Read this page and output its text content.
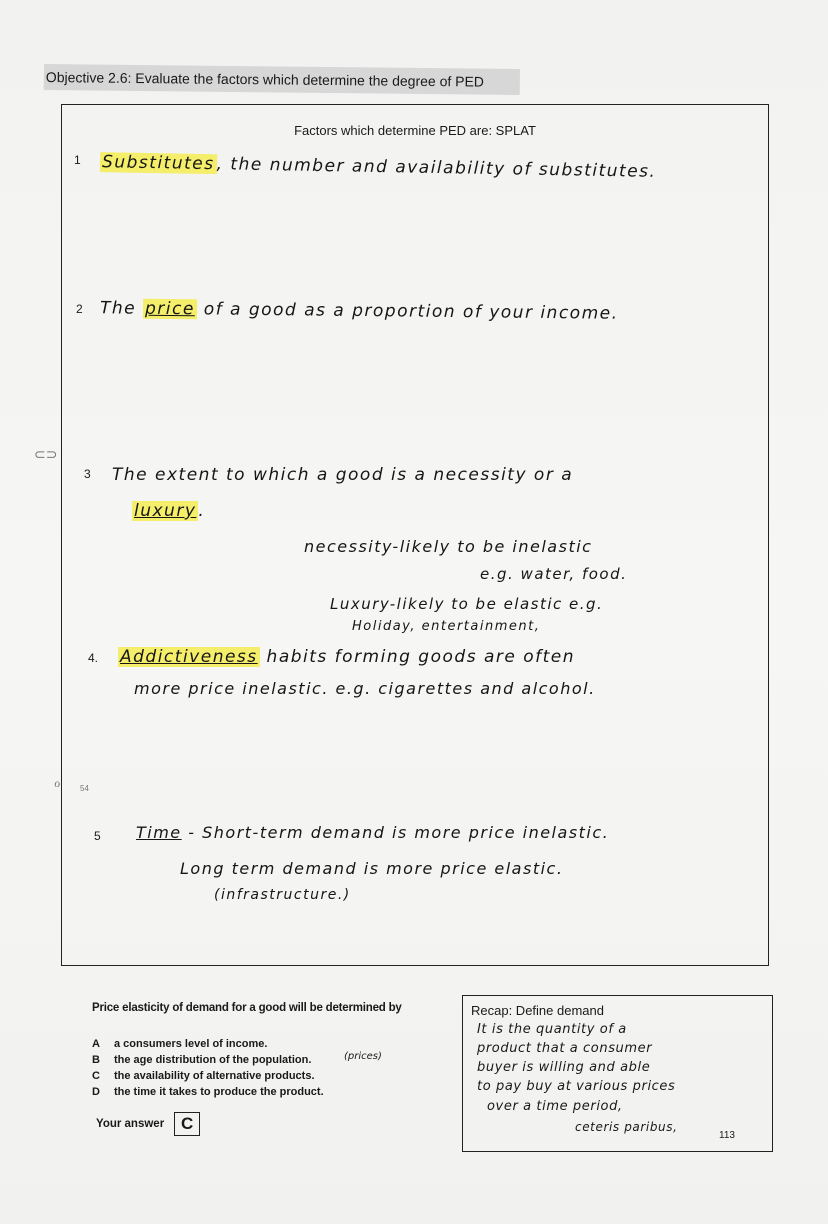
Objective 2.6: Evaluate the factors which determine the degree of PED
⊂⊃
ℴ 54
Factors which determine PED are: SPLAT
1 Substitutes, the number and availability of substitutes.
2 The price of a good as a proportion of your income.
3 The extent to which a good is a necessity or a
luxury .
necessity-likely to be inelastic
e.g. water, food.
Luxury-likely to be elastic e.g.
Holiday, entertainment,
4. Addictiveness habits forming goods are often
more price inelastic. e.g. cigarettes and alcohol.
5 Time - Short-term demand is more price inelastic.
Long term demand is more price elastic.
(infrastructure.)
Price elasticity of demand for a good will be determined by
A	a consumers level of income.
B	the age distribution of the population.
C	the availability of alternative products.
D	the time it takes to produce the product.
(prices)
Your answer C
Recap: Define demand
It is the quantity of a
product that a consumer
buyer is willing and able
to pay buy at various prices
over a time period,
ceteris paribus,
113
